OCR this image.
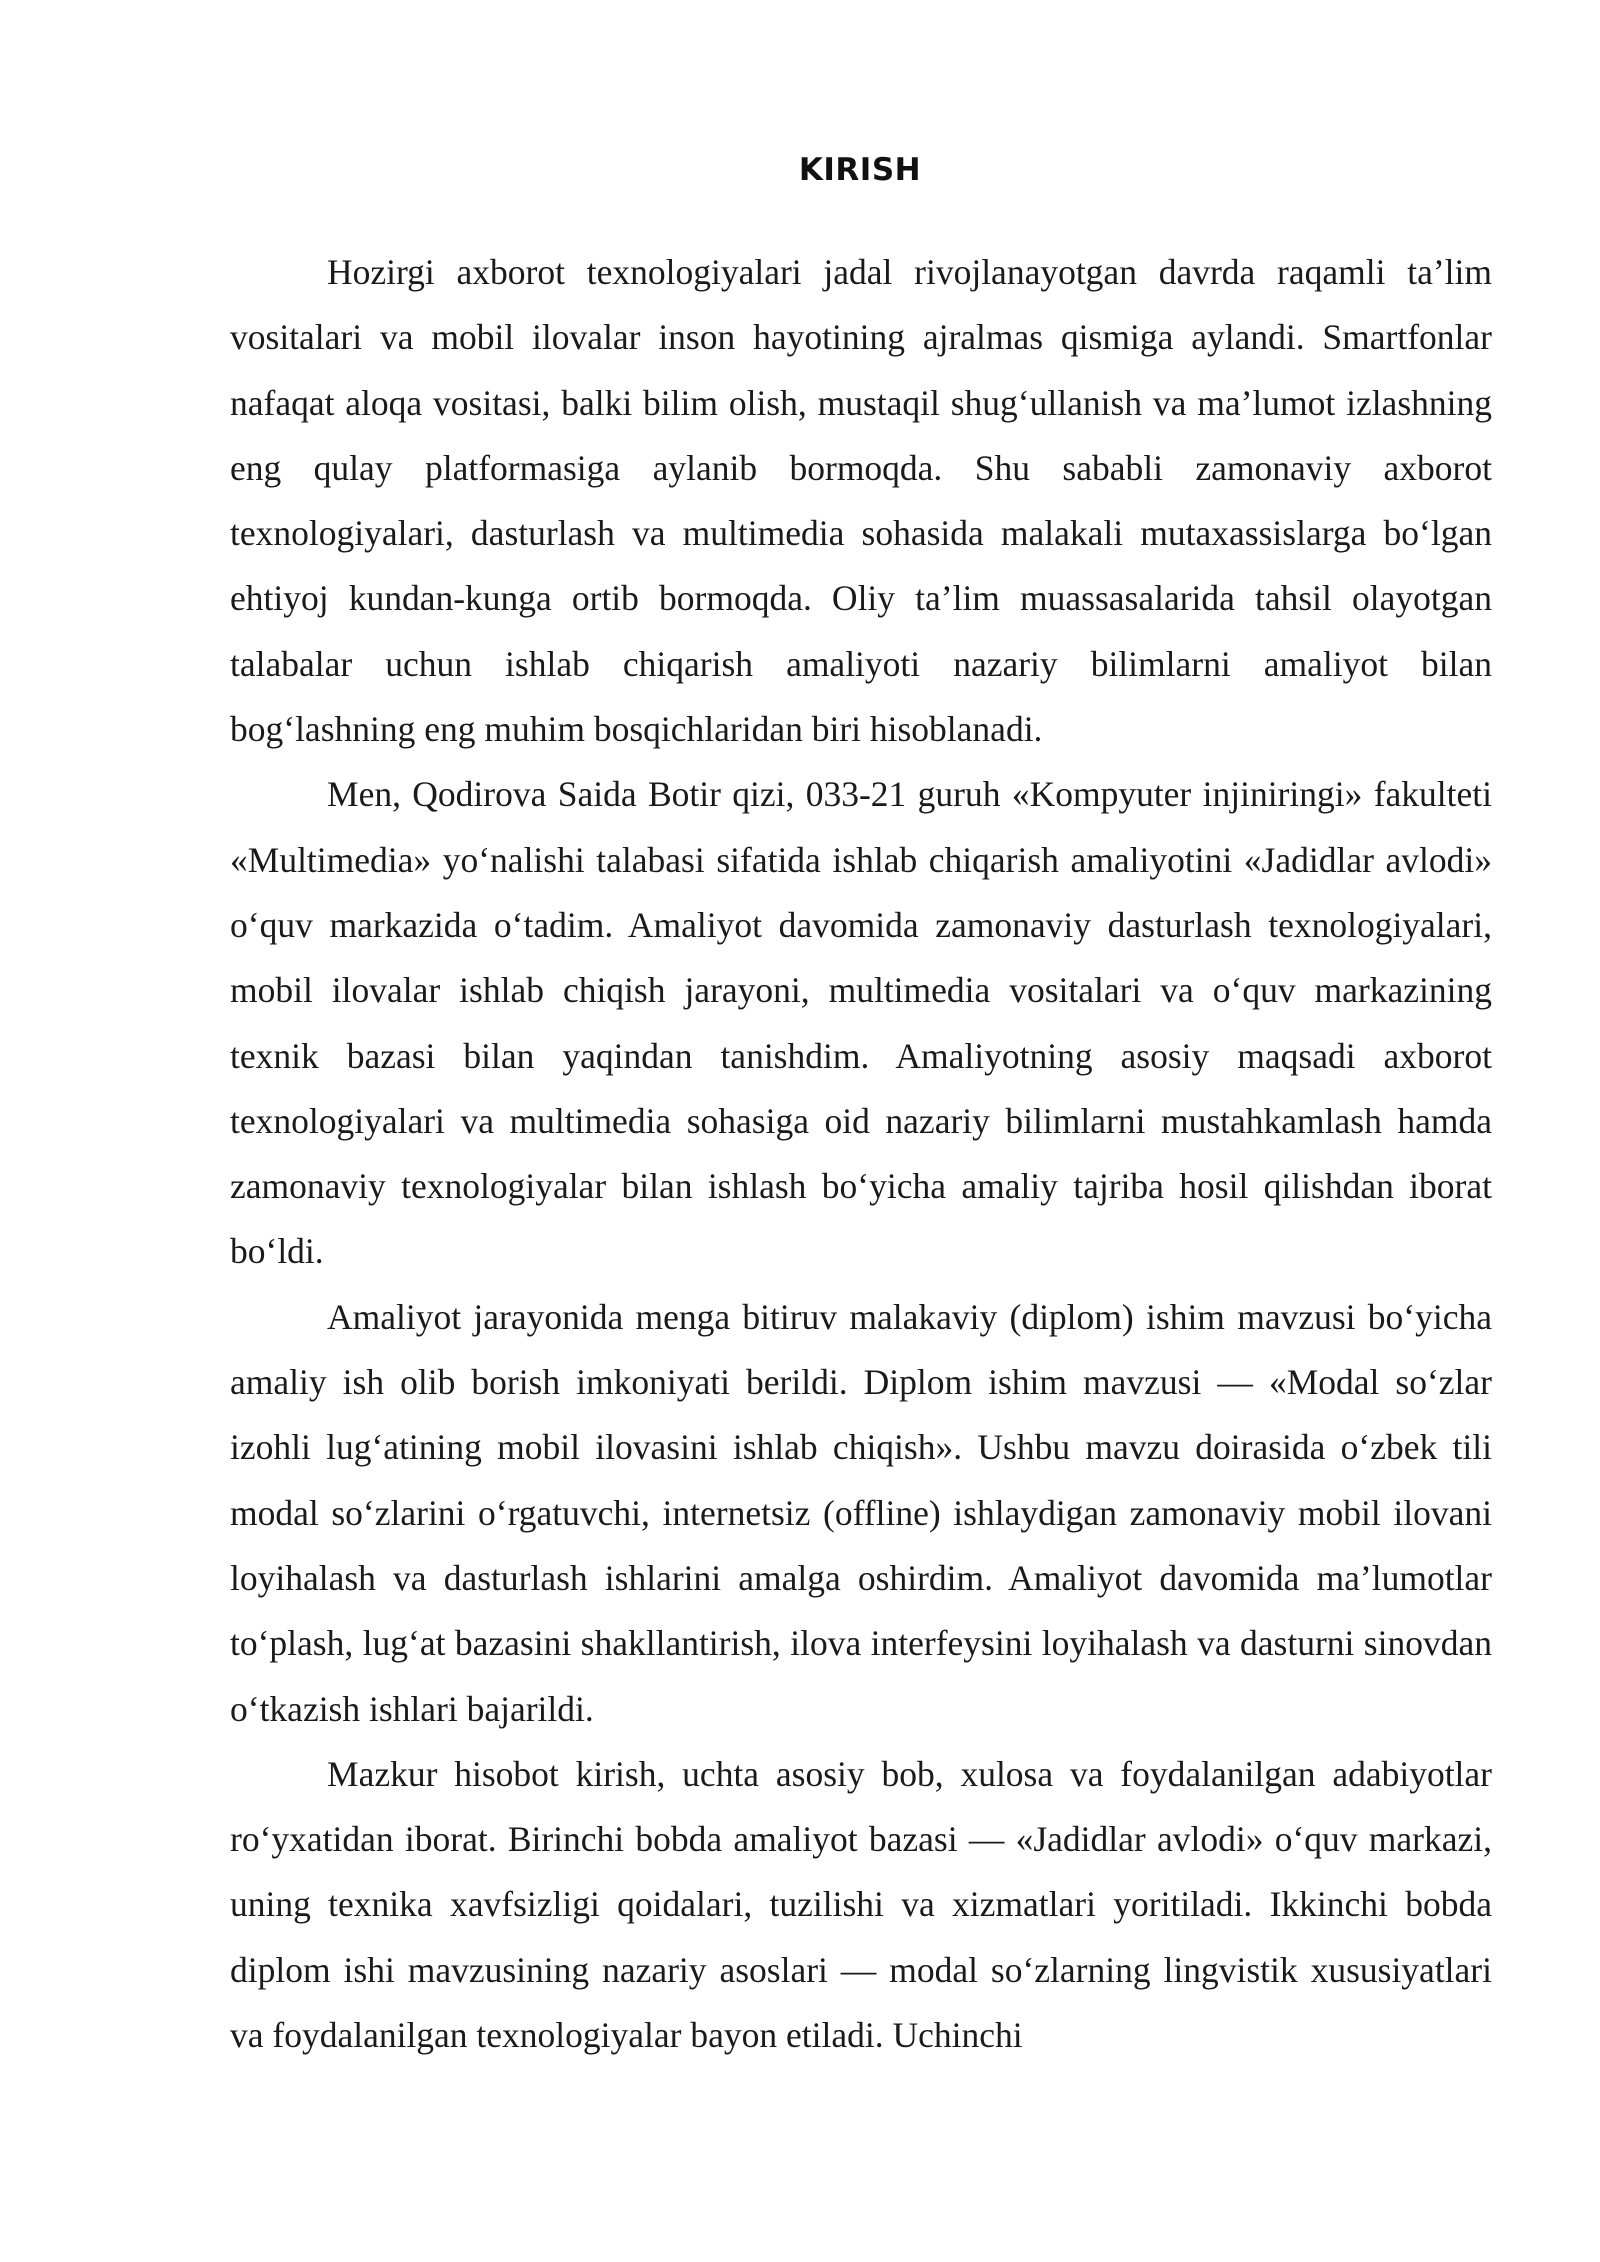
KIRISH

Hozirgi axborot texnologiyalari jadal rivojlanayotgan davrda raqamli ta’lim vositalari va mobil ilovalar inson hayotining ajralmas qismiga aylandi. Smartfonlar nafaqat aloqa vositasi, balki bilim olish, mustaqil shug‘ullanish va ma’lumot izlashning eng qulay platformasiga aylanib bormoqda. Shu sababli zamonaviy axborot texnologiyalari, dasturlash va multimedia sohasida malakali mutaxassislarga bo‘lgan ehtiyoj kundan-kunga ortib bormoqda. Oliy ta’lim muassasalarida tahsil olayotgan talabalar uchun ishlab chiqarish amaliyoti nazariy bilimlarni amaliyot bilan bog‘lashning eng muhim bosqichlaridan biri hisoblanadi.

Men, Qodirova Saida Botir qizi, 033-21 guruh «Kompyuter injiniringi» fakulteti «Multimedia» yo‘nalishi talabasi sifatida ishlab chiqarish amaliyotini «Jadidlar avlodi» o‘quv markazida o‘tadim. Amaliyot davomida zamonaviy dasturlash texnologiyalari, mobil ilovalar ishlab chiqish jarayoni, multimedia vositalari va o‘quv markazining texnik bazasi bilan yaqindan tanishdim. Amaliyotning asosiy maqsadi axborot texnologiyalari va multimedia sohasiga oid nazariy bilimlarni mustahkamlash hamda zamonaviy texnologiyalar bilan ishlash bo‘yicha amaliy tajriba hosil qilishdan iborat bo‘ldi.

Amaliyot jarayonida menga bitiruv malakaviy (diplom) ishim mavzusi bo‘yicha amaliy ish olib borish imkoniyati berildi. Diplom ishim mavzusi — «Modal so‘zlar izohli lug‘atining mobil ilovasini ishlab chiqish». Ushbu mavzu doirasida o‘zbek tili modal so‘zlarini o‘rgatuvchi, internetsiz (offline) ishlaydigan zamonaviy mobil ilovani loyihalash va dasturlash ishlarini amalga oshirdim. Amaliyot davomida ma’lumotlar to‘plash, lug‘at bazasini shakllantirish, ilova interfeysini loyihalash va dasturni sinovdan o‘tkazish ishlari bajarildi.

Mazkur hisobot kirish, uchta asosiy bob, xulosa va foydalanilgan adabiyotlar ro‘yxatidan iborat. Birinchi bobda amaliyot bazasi — «Jadidlar avlodi» o‘quv markazi, uning texnika xavfsizligi qoidalari, tuzilishi va xizmatlari yoritiladi. Ikkinchi bobda diplom ishi mavzusining nazariy asoslari — modal so‘zlarning lingvistik xususiyatlari va foydalanilgan texnologiyalar bayon etiladi. Uchinchi
